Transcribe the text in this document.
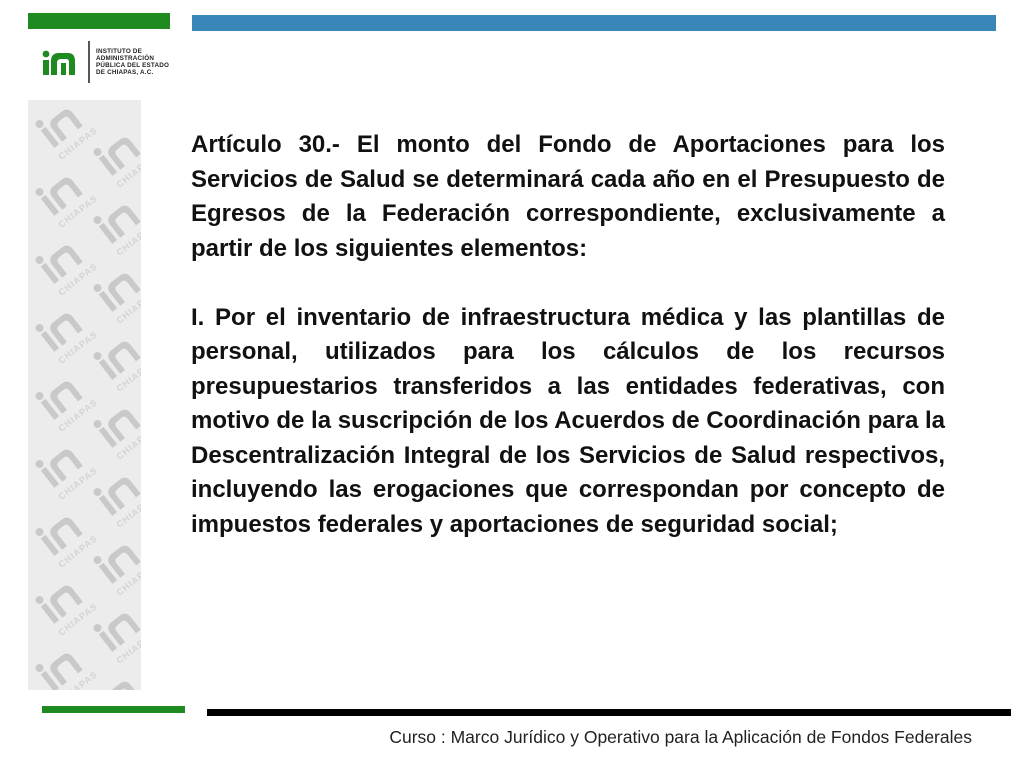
INSTITUTO DE
ADMINISTRACIÓN
PÚBLICA DEL ESTADO
DE CHIAPAS, A.C.

Artículo 30.- El monto del Fondo de Aportaciones para los Servicios de Salud se determinará cada año en el Presupuesto de Egresos de la Federación correspondiente, exclusivamente a partir de los siguientes elementos:

I. Por el inventario de infraestructura médica y las plantillas de personal, utilizados para los cálculos de los recursos presupuestarios transferidos a las entidades federativas, con motivo de la suscripción de los Acuerdos de Coordinación para la Descentralización Integral de los Servicios de Salud respectivos, incluyendo las erogaciones que correspondan por concepto de impuestos federales y aportaciones de seguridad social;

Curso : Marco Jurídico y Operativo para la Aplicación de Fondos Federales
